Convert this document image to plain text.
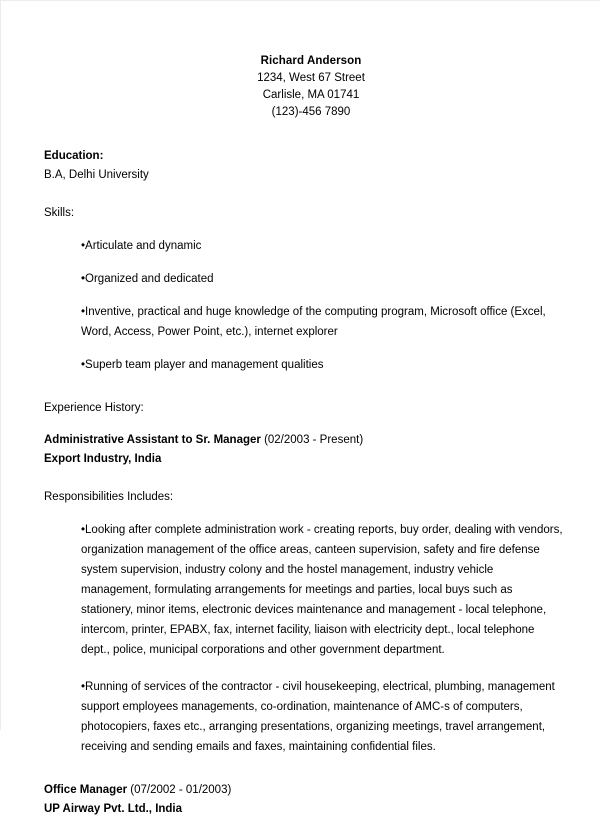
Richard Anderson
1234, West 67 Street
Carlisle, MA 01741
(123)-456 7890
Education:
B.A, Delhi University
Skills:
•Articulate and dynamic
•Organized and dedicated
•Inventive, practical and huge knowledge of the computing program, Microsoft office (Excel, Word, Access, Power Point, etc.), internet explorer
•Superb team player and management qualities
Experience History:
Administrative Assistant to Sr. Manager (02/2003 - Present)
Export Industry, India
Responsibilities Includes:
•Looking after complete administration work - creating reports, buy order, dealing with vendors, organization management of the office areas, canteen supervision, safety and fire defense system supervision, industry colony and the hostel management, industry vehicle management, formulating arrangements for meetings and parties, local buys such as stationery, minor items, electronic devices maintenance and management - local telephone, intercom, printer, EPABX, fax, internet facility, liaison with electricity dept., local telephone dept., police, municipal corporations and other government department.
•Running of services of the contractor - civil housekeeping, electrical, plumbing, management support employees managements, co-ordination, maintenance of AMC-s of computers, photocopiers, faxes etc., arranging presentations, organizing meetings, travel arrangement, receiving and sending emails and faxes, maintaining confidential files.
Office Manager (07/2002 - 01/2003)
UP Airway Pvt. Ltd., India
